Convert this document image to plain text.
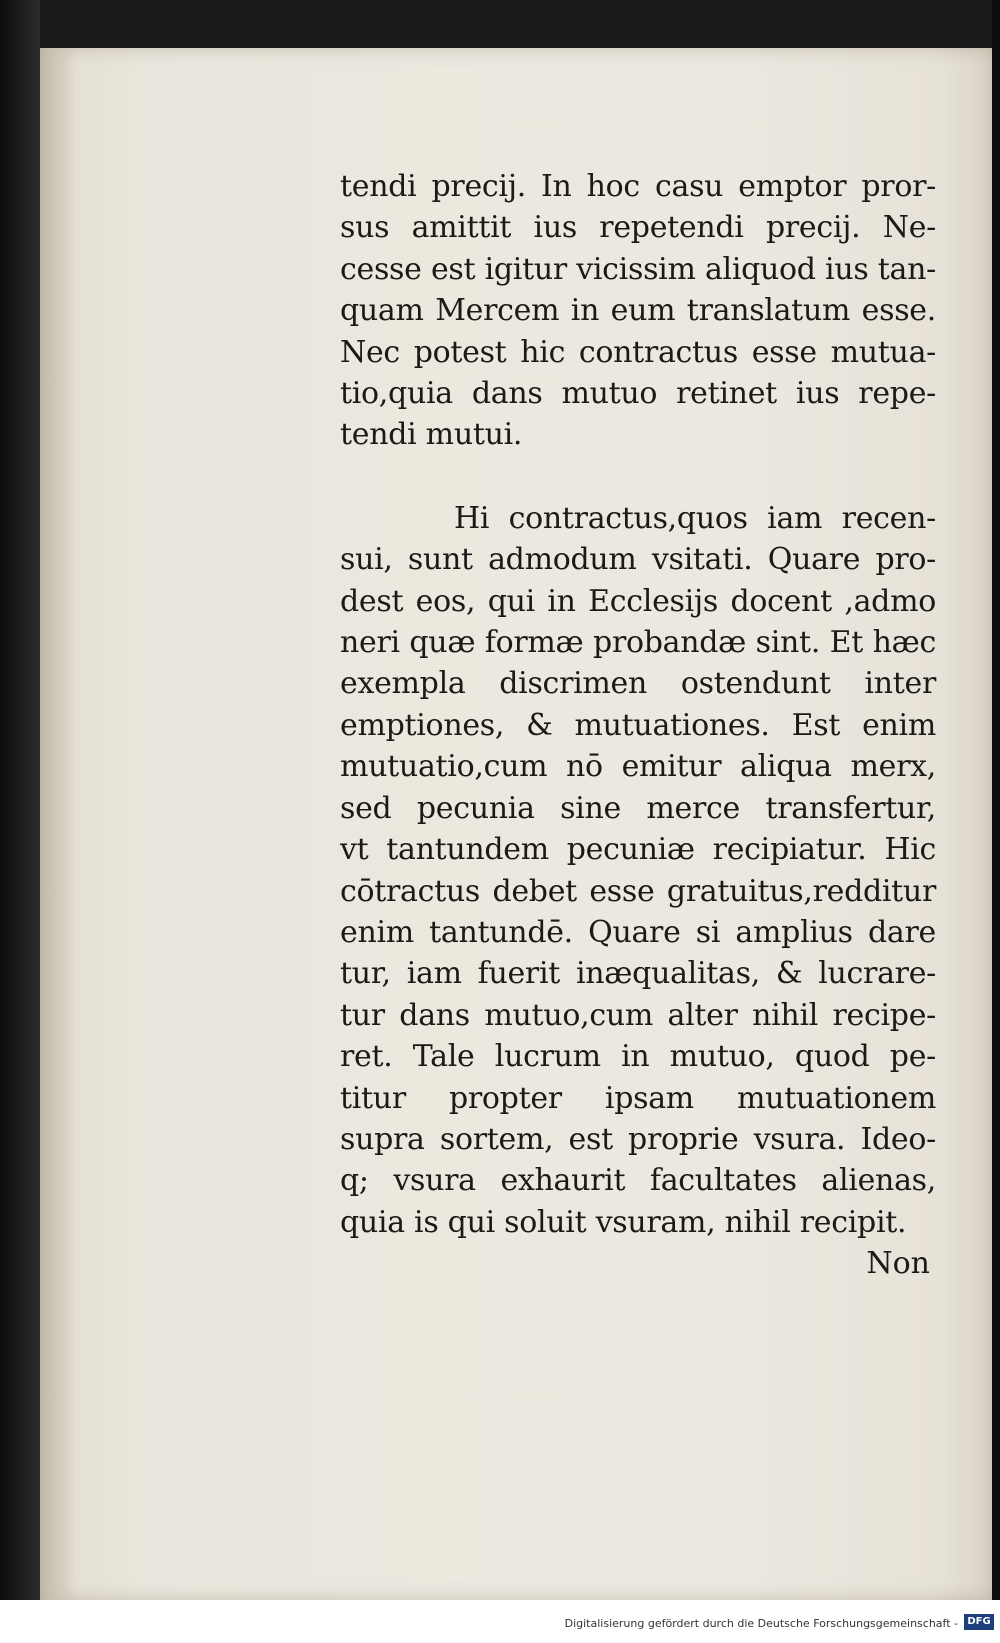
tendi precij. In hoc casu emptor pror-
sus amittit ius repetendi precij. Ne-
cesse est igitur vicissim aliquod ius tan-
quam Mercem in eum translatum esse.
Nec potest hic contractus esse mutua-
tio,quia dans mutuo retinet ius repe-
tendi mutui.
Hi contractus,quos iam recen-
sui, sunt admodum vsitati. Quare pro-
dest eos, qui in Ecclesijs docent ,admo
neri quæ formæ probandæ sint. Et hæc
exempla discrimen ostendunt inter
emptiones, & mutuationes. Est enim
mutuatio,cum nō emitur aliqua merx,
sed pecunia sine merce transfertur,
vt tantundem pecuniæ recipiatur. Hic
cōtractus debet esse gratuitus,redditur
enim tantundē. Quare si amplius dare
tur, iam fuerit inæqualitas, & lucrare-
tur dans mutuo,cum alter nihil recipe-
ret. Tale lucrum in mutuo, quod pe-
titur propter ipsam mutuationem
supra sortem, est proprie vsura. Ideo-
q; vsura exhaurit facultates alienas,
quia is qui soluit vsuram, nihil recipit.
Non
Digitalisierung gefördert durch die Deutsche Forschungsgemeinschaft - DFG
